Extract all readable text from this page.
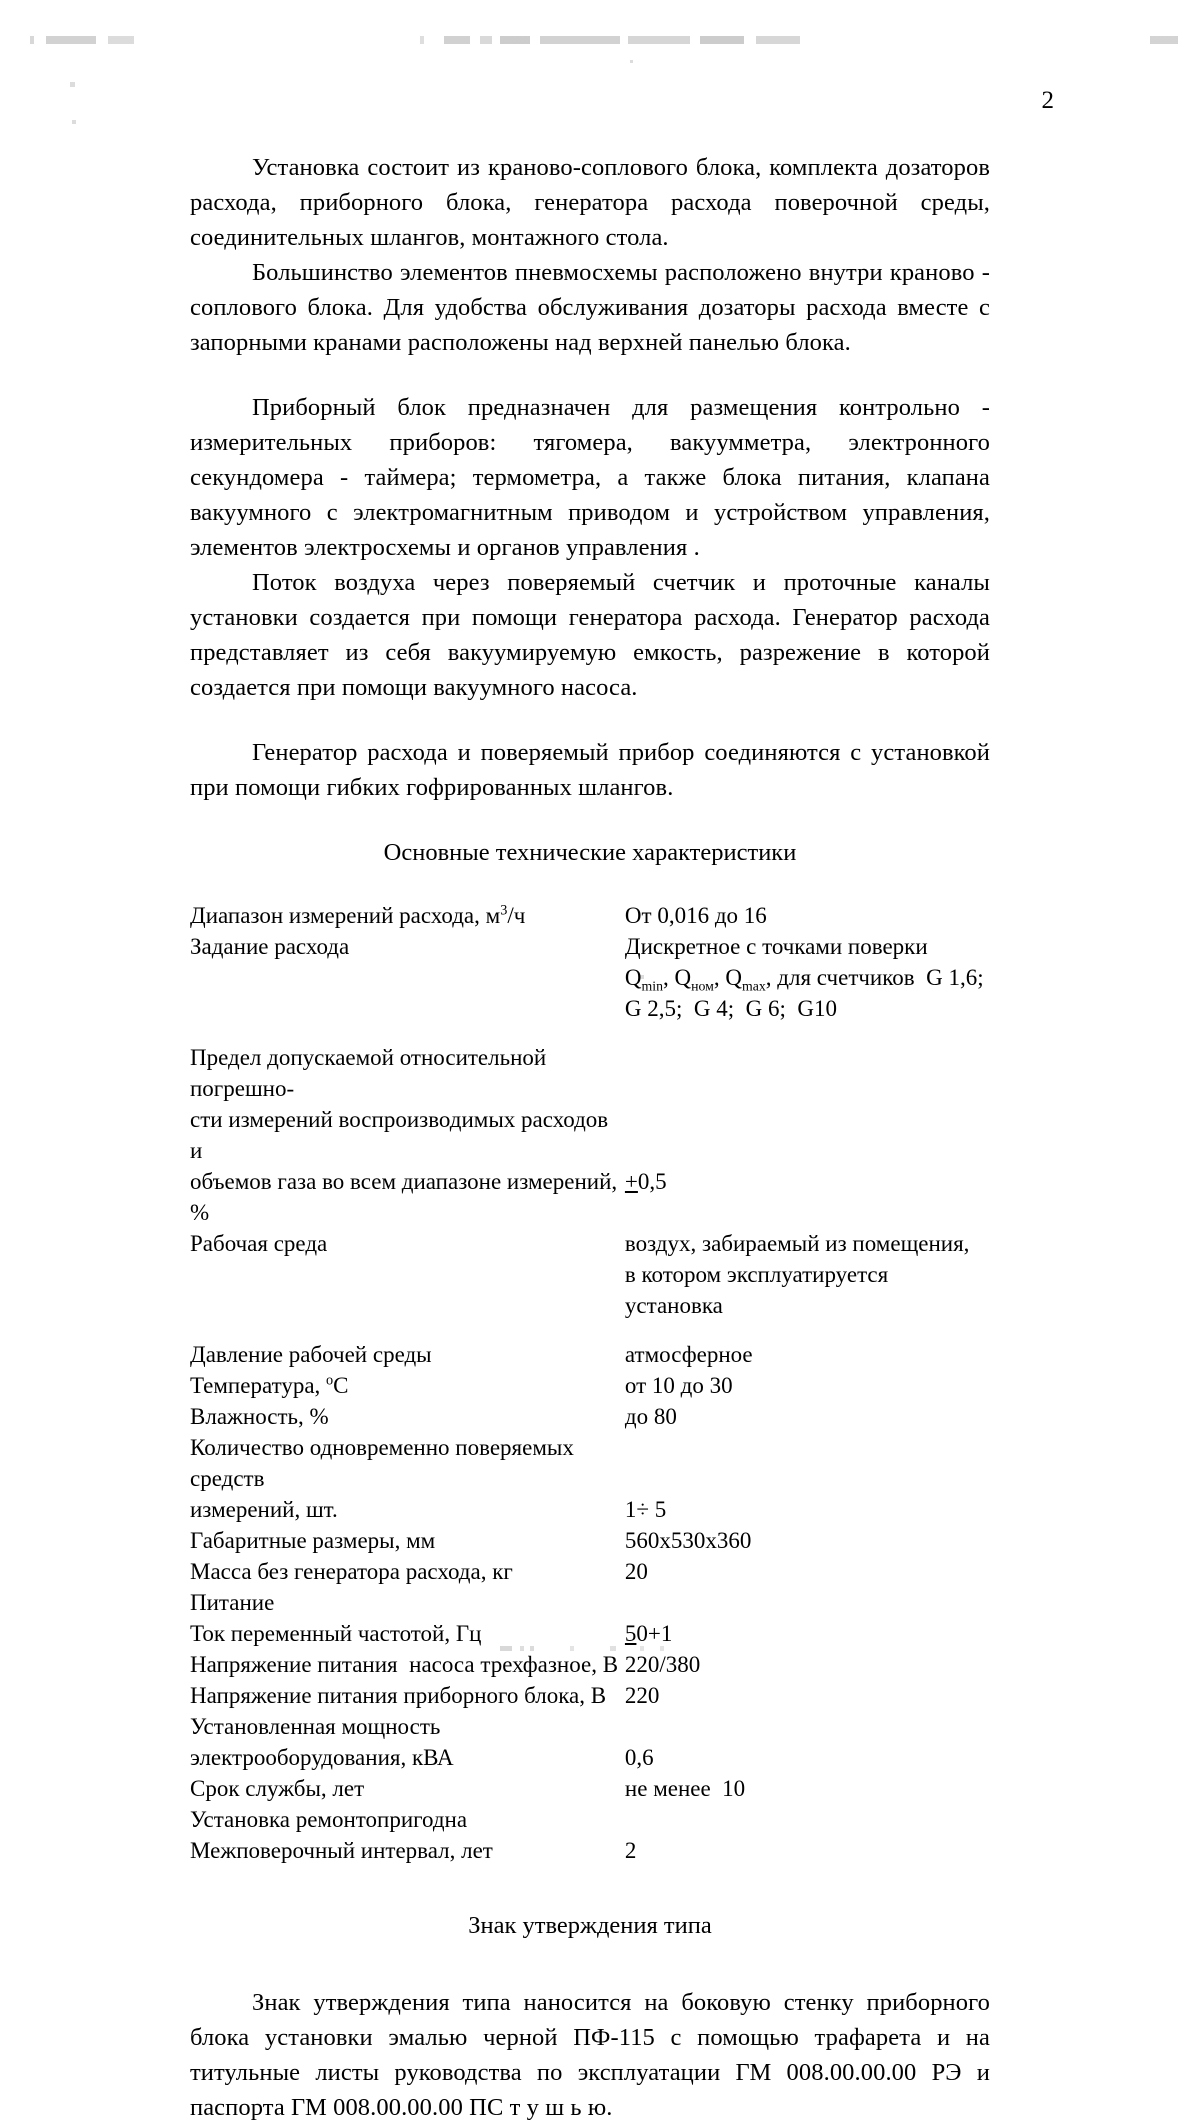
2

Установка состоит из краново-соплового блока, комплекта дозаторов расхода, приборного блока, генератора расхода поверочной среды, соединительных шлангов, монтажного стола.

Большинство элементов пневмосхемы расположено внутри краново - соплового блока. Для удобства обслуживания дозаторы расхода вместе с запорными кранами расположены над верхней панелью блока.

Приборный блок предназначен для размещения контрольно - измерительных приборов: тягомера, вакуумметра, электронного секундомера - таймера; термометра, а также блока питания, клапана вакуумного с электромагнитным приводом и устройством управления, элементов электросхемы и органов управления .

Поток воздуха через поверяемый счетчик и проточные каналы установки создается при помощи генератора расхода. Генератор расхода представляет из себя вакуумируемую емкость, разрежение в которой создается при помощи вакуумного насоса.

Генератор расхода и поверяемый прибор соединяются с установкой при помощи гибких гофрированных шлангов.

Основные технические характеристики
Диапазон измерений расхода, $м^3/ч$	От 0,016 до 16
Задание расхода	Дискретное с точками поверки
	$Q_{min}$, $Q_{ном}$, $Q_{max}$, для счетчиков  G 1,6;
	G 2,5;  G 4;  G 6;  G10

Предел допускаемой относительной погрешно-	
сти измерений воспроизводимых расходов и	
объемов газа во всем диапазоне измерений, %	+0,5
Рабочая среда	воздух, забираемый из помещения,
	в котором эксплуатируется установка

Давление рабочей среды	атмосферное
Температура, $^о$С	от 10 до 30
Влажность, %	до 80
Количество одновременно поверяемых средств	
измерений, шт.	1÷ 5
Габаритные размеры, мм	560х530х360
Масса без генератора расхода, кг	20
Питание	
Ток переменный частотой, Гц	50+1
Напряжение питания  насоса трехфазное, В	220/380
Напряжение питания приборного блока, В	220
Установленная мощность	
электрооборудования, кВА	0,6
Срок службы, лет	не менее  10
Установка ремонтопригодна	
Межповерочный интервал, лет	2
Знак утверждения типа

Знак утверждения типа наносится на боковую стенку приборного блока установки эмалью черной ПФ-115 с помощью трафарета и на титульные листы руководства по эксплуатации ГМ 008.00.00.00 РЭ и паспорта ГМ 008.00.00.00 ПС т у ш ь ю.
